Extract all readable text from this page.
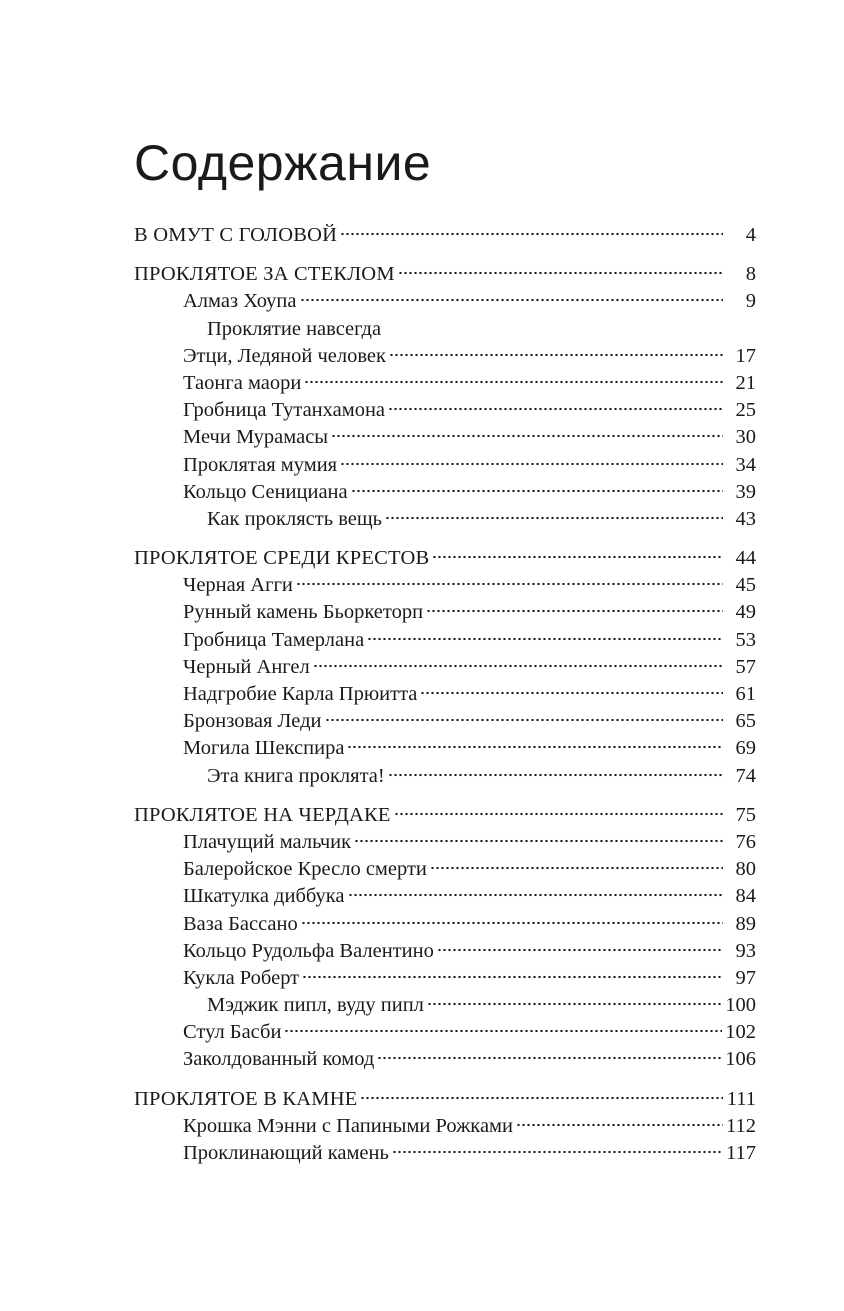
Содержание
В ОМУТ С ГОЛОВОЙ	4
ПРОКЛЯТОЕ ЗА СТЕКЛОМ	8
Алмаз Хоупа	9
Проклятие навсегда
Этци, Ледяной человек	17
Таонга маори	21
Гробница Тутанхамона	25
Мечи Мурамасы	30
Проклятая мумия	34
Кольцо Сенициана	39
Как проклясть вещь	43
ПРОКЛЯТОЕ СРЕДИ КРЕСТОВ	44
Черная Агги	45
Рунный камень Бьоркеторп	49
Гробница Тамерлана	53
Черный Ангел	57
Надгробие Карла Прюитта	61
Бронзовая Леди	65
Могила Шекспира	69
Эта книга проклята!	74
ПРОКЛЯТОЕ НА ЧЕРДАКЕ	75
Плачущий мальчик	76
Балеройское Кресло смерти	80
Шкатулка диббука	84
Ваза Бассано	89
Кольцо Рудольфа Валентино	93
Кукла Роберт	97
Мэджик пипл, вуду пипл	100
Стул Басби	102
Заколдованный комод	106
ПРОКЛЯТОЕ В КАМНЕ	111
Крошка Мэнни с Папиными Рожками	112
Проклинающий камень	117
